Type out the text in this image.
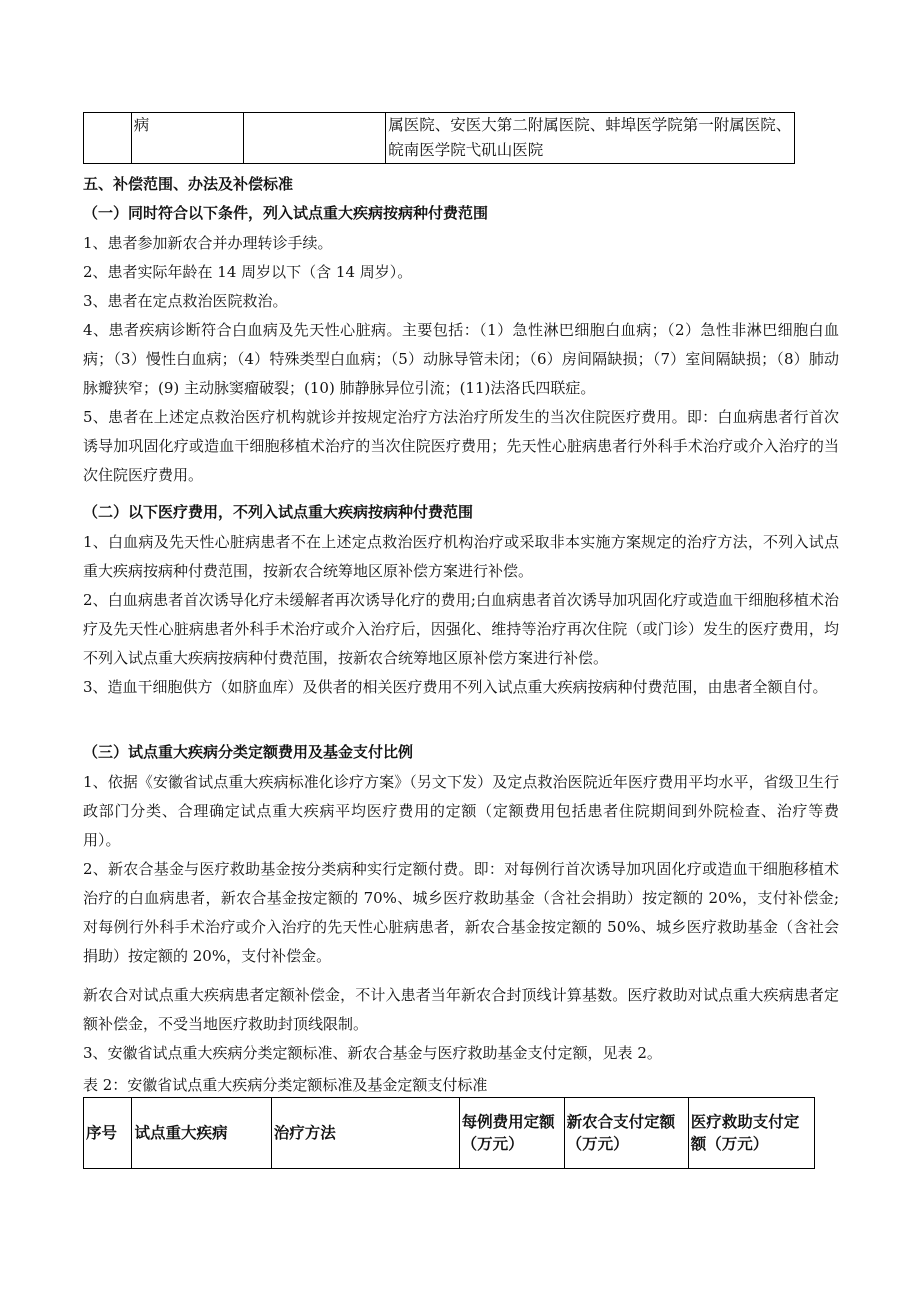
	病		属医院、安医大第二附属医院、蚌埠医学院第一附属医院、皖南医学院弋矶山医院
五、补偿范围、办法及补偿标准
（一）同时符合以下条件，列入试点重大疾病按病种付费范围
1、患者参加新农合并办理转诊手续。
2、患者实际年龄在 14 周岁以下（含 14 周岁）。
3、患者在定点救治医院救治。
4、患者疾病诊断符合白血病及先天性心脏病。主要包括：（1）急性淋巴细胞白血病；（2）急性非淋巴细胞白血病；（3）慢性白血病；（4）特殊类型白血病；（5）动脉导管未闭；（6）房间隔缺损；（7）室间隔缺损；（8）肺动脉瓣狭窄；(9) 主动脉窦瘤破裂；(10) 肺静脉异位引流；(11)法洛氏四联症。
5、患者在上述定点救治医疗机构就诊并按规定治疗方法治疗所发生的当次住院医疗费用。即：白血病患者行首次诱导加巩固化疗或造血干细胞移植术治疗的当次住院医疗费用；先天性心脏病患者行外科手术治疗或介入治疗的当次住院医疗费用。
（二）以下医疗费用，不列入试点重大疾病按病种付费范围
1、白血病及先天性心脏病患者不在上述定点救治医疗机构治疗或采取非本实施方案规定的治疗方法，不列入试点重大疾病按病种付费范围，按新农合统筹地区原补偿方案进行补偿。
2、白血病患者首次诱导化疗未缓解者再次诱导化疗的费用;白血病患者首次诱导加巩固化疗或造血干细胞移植术治疗及先天性心脏病患者外科手术治疗或介入治疗后，因强化、维持等治疗再次住院（或门诊）发生的医疗费用，均不列入试点重大疾病按病种付费范围，按新农合统筹地区原补偿方案进行补偿。
3、造血干细胞供方（如脐血库）及供者的相关医疗费用不列入试点重大疾病按病种付费范围，由患者全额自付。
（三）试点重大疾病分类定额费用及基金支付比例
1、依据《安徽省试点重大疾病标准化诊疗方案》（另文下发）及定点救治医院近年医疗费用平均水平，省级卫生行政部门分类、合理确定试点重大疾病平均医疗费用的定额（定额费用包括患者住院期间到外院检查、治疗等费用）。
2、新农合基金与医疗救助基金按分类病种实行定额付费。即：对每例行首次诱导加巩固化疗或造血干细胞移植术治疗的白血病患者，新农合基金按定额的 70%、城乡医疗救助基金（含社会捐助）按定额的 20%，支付补偿金; 对每例行外科手术治疗或介入治疗的先天性心脏病患者，新农合基金按定额的 50%、城乡医疗救助基金（含社会捐助）按定额的 20%，支付补偿金。
新农合对试点重大疾病患者定额补偿金，不计入患者当年新农合封顶线计算基数。医疗救助对试点重大疾病患者定额补偿金，不受当地医疗救助封顶线限制。
3、安徽省试点重大疾病分类定额标准、新农合基金与医疗救助基金支付定额，见表 2。
表 2：安徽省试点重大疾病分类定额标准及基金定额支付标准
序号	试点重大疾病	治疗方法	每例费用定额（万元）	新农合支付定额（万元）	医疗救助支付定额（万元）
